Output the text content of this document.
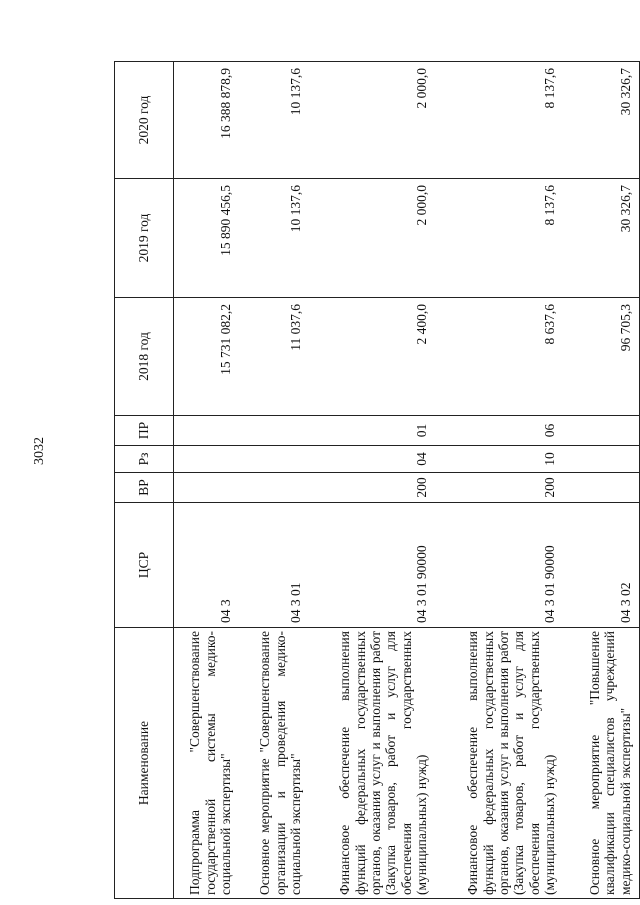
3032
Наименование	ЦСР	ВР	Рз	ПР	2018 год	2019 год	2020 год
Подпрограмма "Совершенствование государственной системы медико-социальной экспертизы"	04 3				15 731 082,2	15 890 456,5	16 388 878,9
Основное мероприятие "Совершенствование организации и проведения медико-социальной экспертизы"	04 3 01				11 037,6	10 137,6	10 137,6
Финансовое обеспечение выполнения функций федеральных государственных органов, оказания услуг и выполнения работ (Закупка товаров, работ и услуг для обеспечения государственных (муниципальных) нужд)	04 3 01 90000	200	04	01	2 400,0	2 000,0	2 000,0
Финансовое обеспечение выполнения функций федеральных государственных органов, оказания услуг и выполнения работ (Закупка товаров, работ и услуг для обеспечения государственных (муниципальных) нужд)	04 3 01 90000	200	10	06	8 637,6	8 137,6	8 137,6
Основное мероприятие "Повышение квалификации специалистов учреждений медико-социальной экспертизы"	04 3 02				96 705,3	30 326,7	30 326,7
